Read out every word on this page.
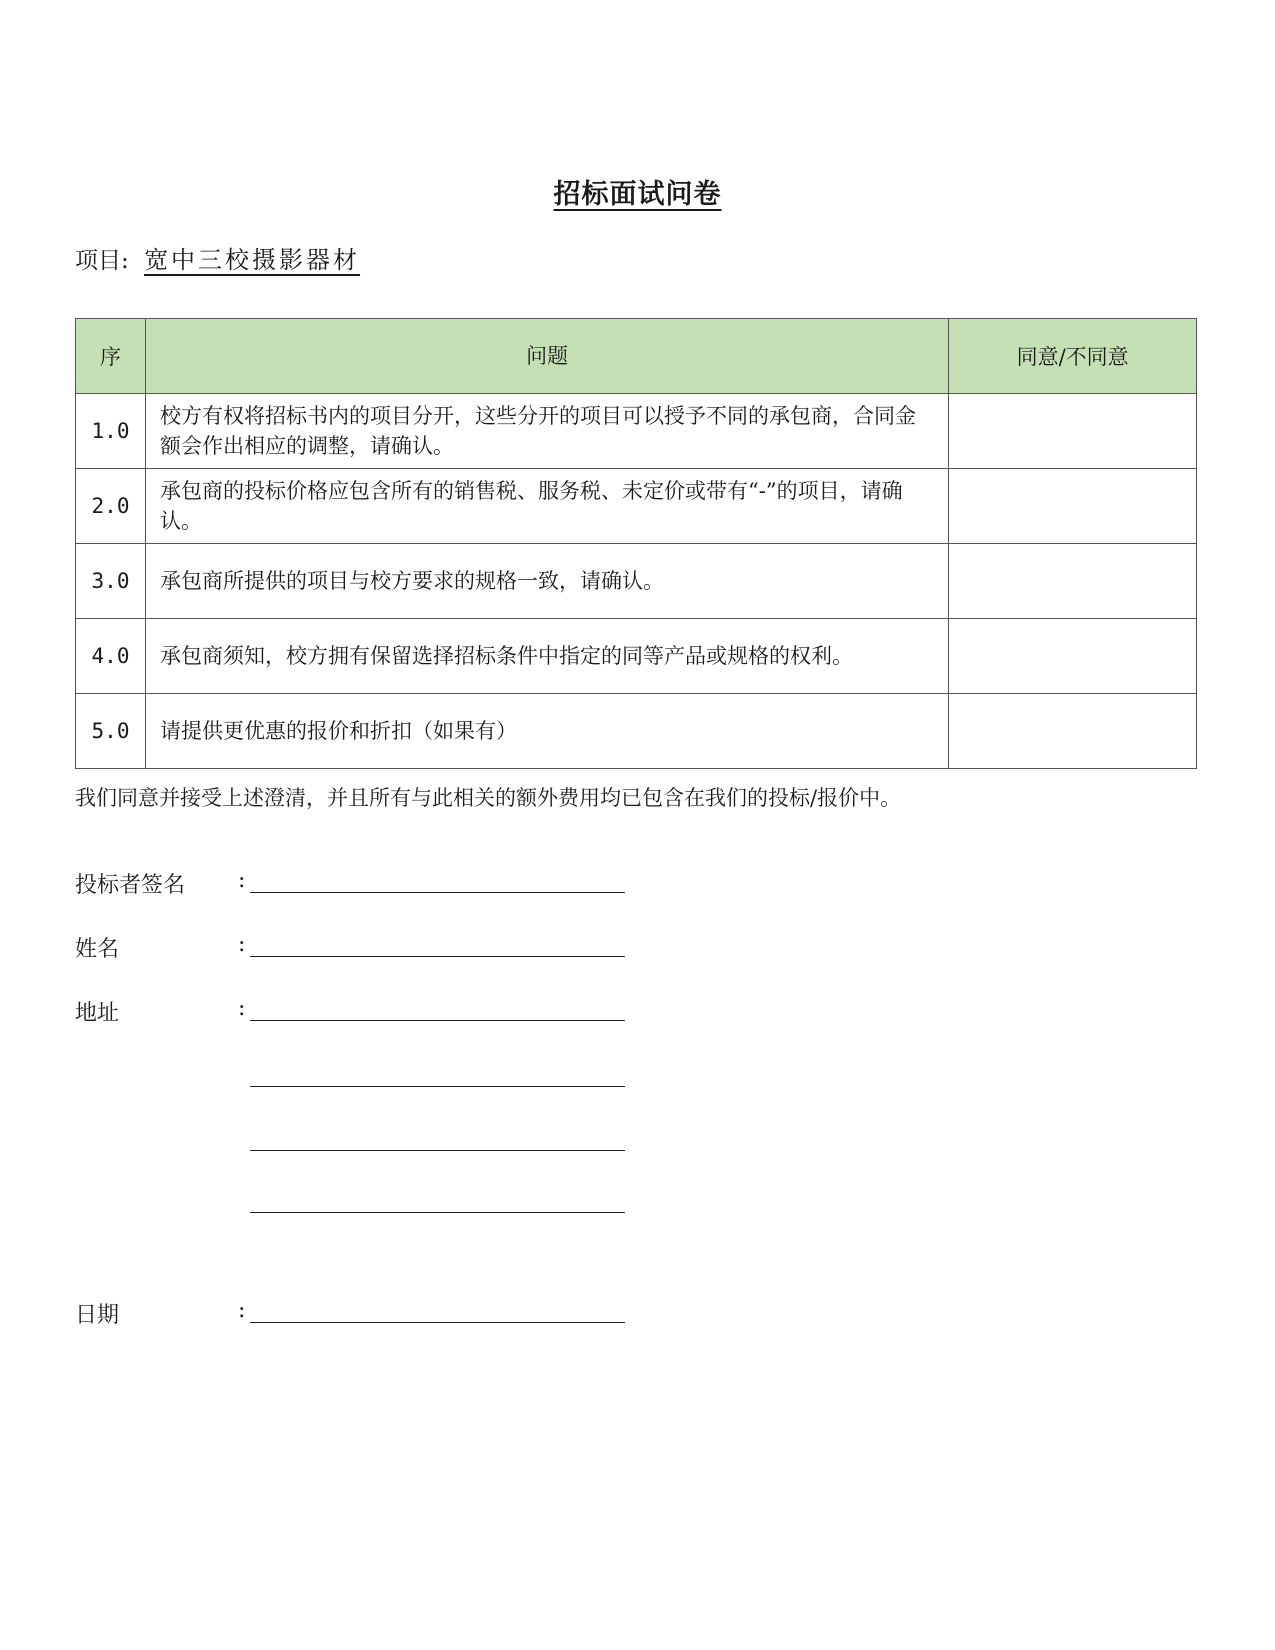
招标面试问卷
项目: 宽中三校摄影器材
序	问题	同意/不同意
1.0	校方有权将招标书内的项目分开，这些分开的项目可以授予不同的承包商，合同金额会作出相应的调整，请确认。	
2.0	承包商的投标价格应包含所有的销售税、服务税、未定价或带有“-”的项目，请确认。	
3.0	承包商所提供的项目与校方要求的规格一致，请确认。	
4.0	承包商须知，校方拥有保留选择招标条件中指定的同等产品或规格的权利。	
5.0	请提供更优惠的报价和折扣（如果有）	
我们同意并接受上述澄清，并且所有与此相关的额外费用均已包含在我们的投标/报价中。
投标者签名 :
姓名	:
地址	:
日期	:
